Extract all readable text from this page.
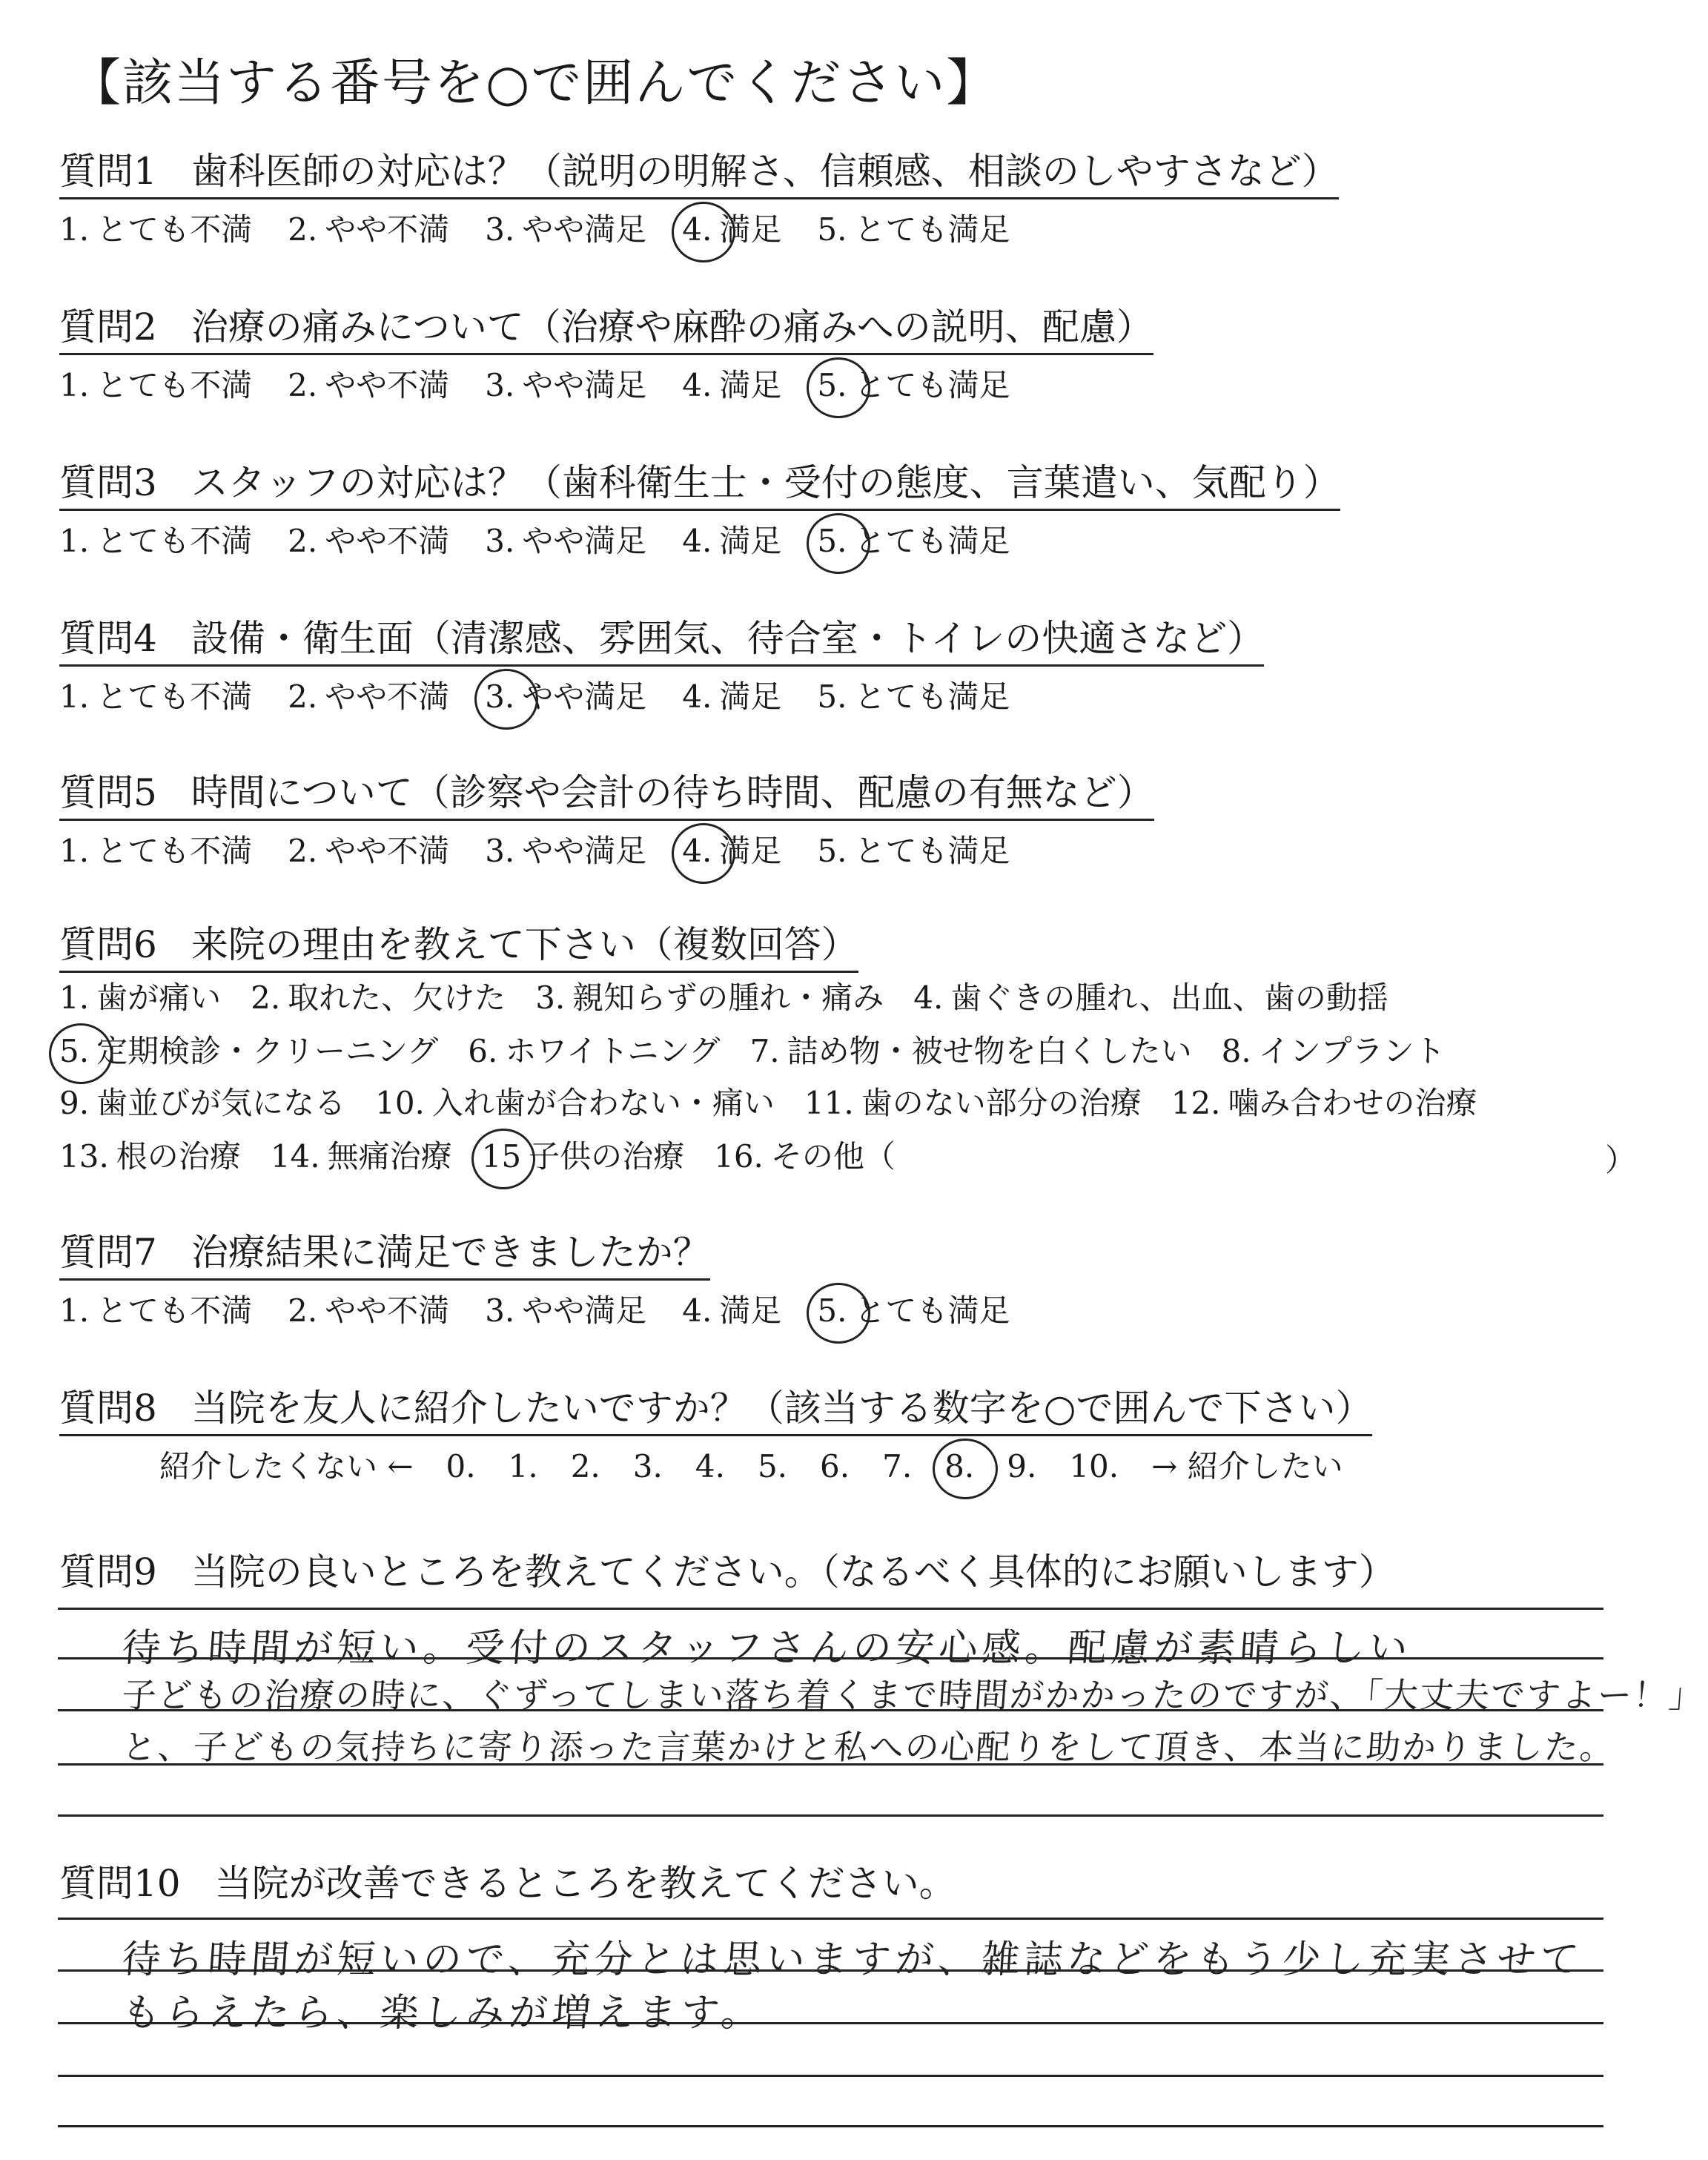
【該当する番号を○で囲んでください】
質問1 歯科医師の対応は？（説明の明解さ、信頼感、相談のしやすさなど）
1. とても不満 2. やや不満 3. やや満足 4. 満足 5. とても満足
質問2 治療の痛みについて（治療や麻酔の痛みへの説明、配慮）
1. とても不満 2. やや不満 3. やや満足 4. 満足 5. とても満足
質問3 スタッフの対応は？（歯科衛生士・受付の態度、言葉遣い、気配り）
1. とても不満 2. やや不満 3. やや満足 4. 満足 5. とても満足
質問4 設備・衛生面（清潔感、雰囲気、待合室・トイレの快適さなど）
1. とても不満 2. やや不満 3. やや満足 4. 満足 5. とても満足
質問5 時間について（診察や会計の待ち時間、配慮の有無など）
1. とても不満 2. やや不満 3. やや満足 4. 満足 5. とても満足
質問6 来院の理由を教えて下さい（複数回答）
1. 歯が痛い 2. 取れた、欠けた 3. 親知らずの腫れ・痛み 4. 歯ぐきの腫れ、出血、歯の動揺
5. 定期検診・クリーニング 6. ホワイトニング 7. 詰め物・被せ物を白くしたい 8. インプラント
9. 歯並びが気になる 10. 入れ歯が合わない・痛い 11. 歯のない部分の治療 12. 噛み合わせの治療
13. 根の治療 14. 無痛治療 15 子供の治療 16. その他（	）
質問7 治療結果に満足できましたか？
1. とても不満 2. やや不満 3. やや満足 4. 満足 5. とても満足
質問8 当院を友人に紹介したいですか？（該当する数字を○で囲んで下さい）
紹介したくない ← 0. 1. 2. 3. 4. 5. 6. 7. 8. 9. 10. → 紹介したい
質問9 当院の良いところを教えてください。（なるべく具体的にお願いします）
待ち時間が短い。受付のスタッフさんの安心感。配慮が素晴らしい
子どもの治療の時に、ぐずってしまい落ち着くまで時間がかかったのですが、「大丈夫ですよー！」
と、子どもの気持ちに寄り添った言葉かけと私への心配りをして頂き、本当に助かりました。
質問10 当院が改善できるところを教えてください。
待ち時間が短いので、充分とは思いますが、雑誌などをもう少し充実させて
もらえたら、楽しみが増えます。
